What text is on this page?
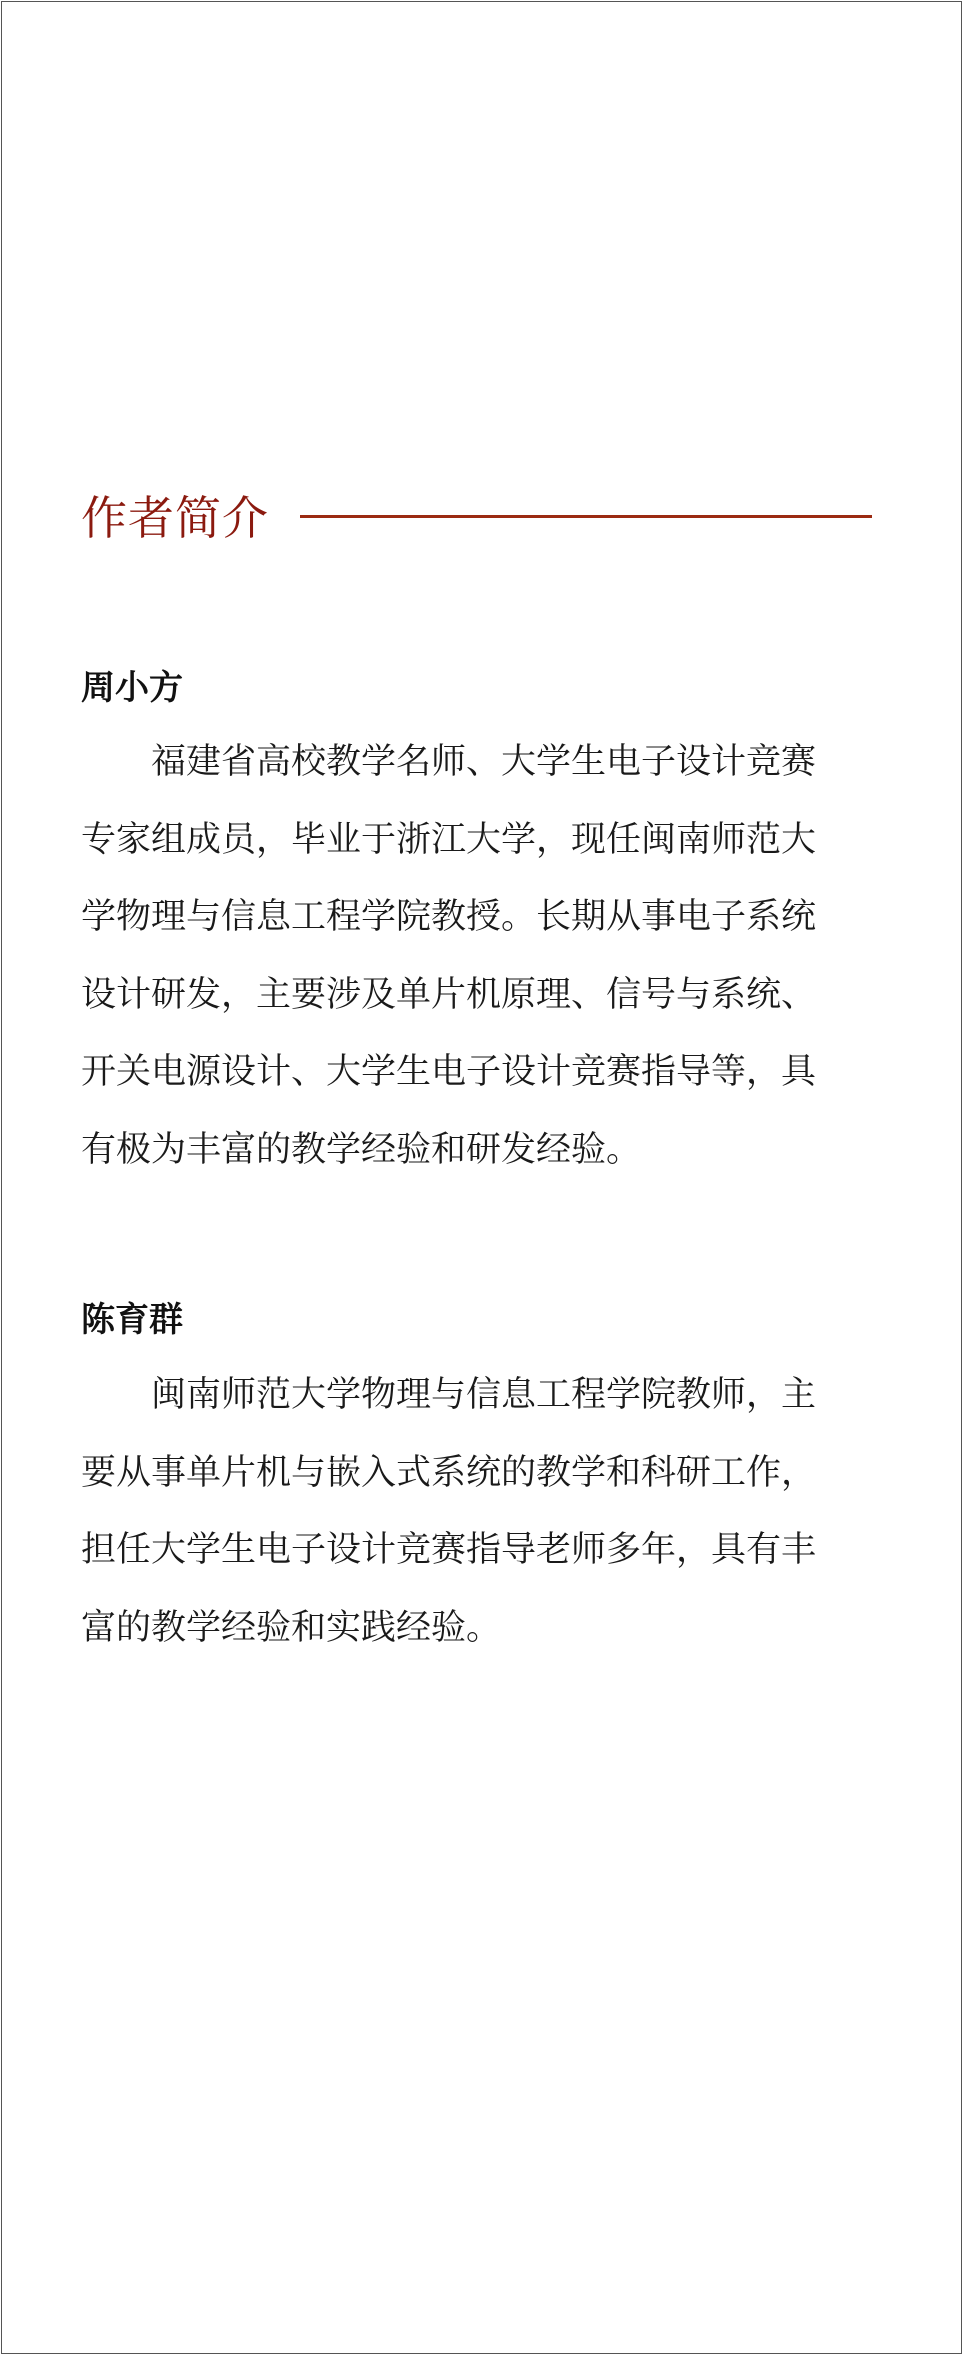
作者简介
周小方
福建省高校教学名师、大学生电子设计竞赛
专家组成员，毕业于浙江大学，现任闽南师范大
学物理与信息工程学院教授。长期从事电子系统
设计研发，主要涉及单片机原理、信号与系统、
开关电源设计、大学生电子设计竞赛指导等，具
有极为丰富的教学经验和研发经验。
陈育群
闽南师范大学物理与信息工程学院教师，主
要从事单片机与嵌入式系统的教学和科研工作，
担任大学生电子设计竞赛指导老师多年，具有丰
富的教学经验和实践经验。
